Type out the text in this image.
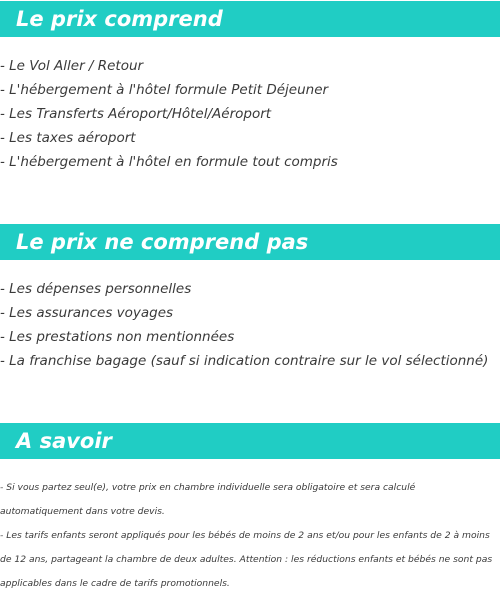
Le prix comprend
- Le Vol Aller / Retour
- L'hébergement à l'hôtel formule Petit Déjeuner
- Les Transferts Aéroport/Hôtel/Aéroport
- Les taxes aéroport
- L'hébergement à l'hôtel en formule tout compris
Le prix ne comprend pas
- Les dépenses personnelles
- Les assurances voyages
- Les prestations non mentionnées
- La franchise bagage (sauf si indication contraire sur le vol sélectionné)
A savoir

- Si vous partez seul(e), votre prix en chambre individuelle sera obligatoire et sera calculé automatiquement dans votre devis.

- Les tarifs enfants seront appliqués pour les bébés de moins de 2 ans et/ou pour les enfants de 2 à moins de 12 ans, partageant la chambre de deux adultes. Attention : les réductions enfants et bébés ne sont pas applicables dans le cadre de tarifs promotionnels.
